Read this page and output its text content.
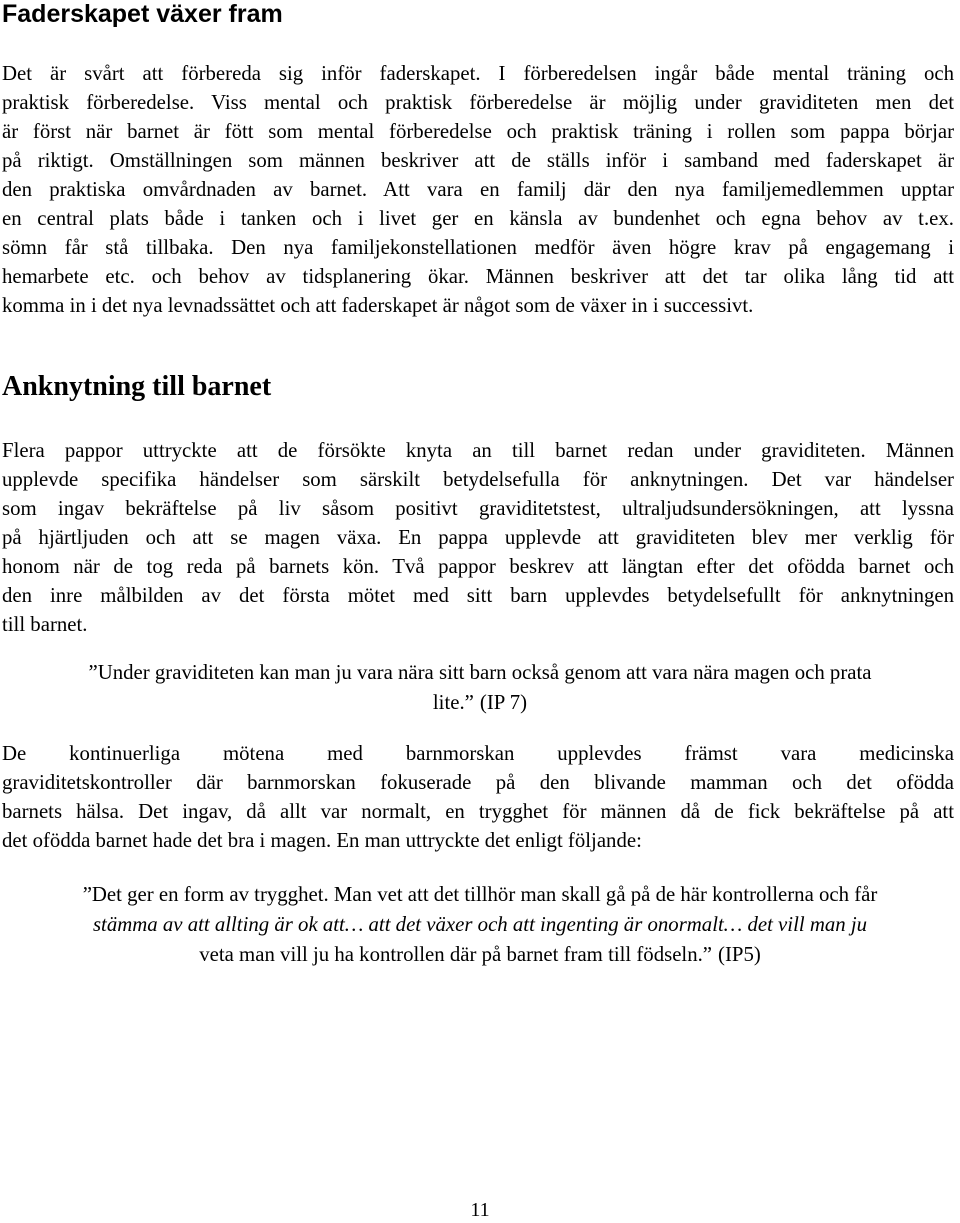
Faderskapet växer fram
Det är svårt att förbereda sig inför faderskapet. I förberedelsen ingår både mental träning och
praktisk förberedelse. Viss mental och praktisk förberedelse är möjlig under graviditeten men det
är först när barnet är fött som mental förberedelse och praktisk träning i rollen som pappa börjar
på riktigt. Omställningen som männen beskriver att de ställs inför i samband med faderskapet är
den praktiska omvårdnaden av barnet. Att vara en familj där den nya familjemedlemmen upptar
en central plats både i tanken och i livet ger en känsla av bundenhet och egna behov av t.ex.
sömn får stå tillbaka. Den nya familjekonstellationen medför även högre krav på engagemang i
hemarbete etc. och behov av tidsplanering ökar. Männen beskriver att det tar olika lång tid att
komma in i det nya levnadssättet och att faderskapet är något som de växer in i successivt.
Anknytning till barnet
Flera pappor uttryckte att de försökte knyta an till barnet redan under graviditeten. Männen
upplevde specifika händelser som särskilt betydelsefulla för anknytningen. Det var händelser
som ingav bekräftelse på liv såsom positivt graviditetstest, ultraljudsundersökningen, att lyssna
på hjärtljuden och att se magen växa. En pappa upplevde att graviditeten blev mer verklig för
honom när de tog reda på barnets kön. Två pappor beskrev att längtan efter det ofödda barnet och
den inre målbilden av det första mötet med sitt barn upplevdes betydelsefullt för anknytningen
till barnet.
”Under graviditeten kan man ju vara nära sitt barn också genom att vara nära magen och prata
lite.” (IP 7)
De kontinuerliga mötena med barnmorskan upplevdes främst vara medicinska
graviditetskontroller där barnmorskan fokuserade på den blivande mamman och det ofödda
barnets hälsa. Det ingav, då allt var normalt, en trygghet för männen då de fick bekräftelse på att
det ofödda barnet hade det bra i magen. En man uttryckte det enligt följande:
”Det ger en form av trygghet. Man vet att det tillhör man skall gå på de här kontrollerna och får
stämma av att allting är ok att… att det växer och att ingenting är onormalt… det vill man ju
veta man vill ju ha kontrollen där på barnet fram till födseln.” (IP5)
11
